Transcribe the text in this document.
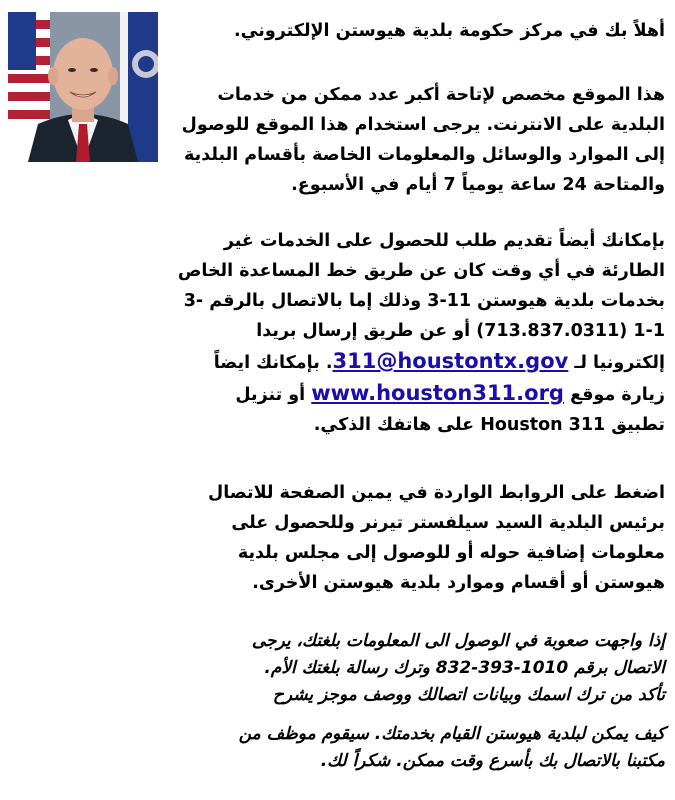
أهلاً بك في مركز حكومة بلدية هيوستن الإلكتروني.

هذا الموقع مخصص لإتاحة أكبر عدد ممكن من خدمات

البلدية على الانترنت. يرجى استخدام هذا الموقع للوصول

إلى الموارد والوسائل والمعلومات الخاصة بأقسام البلدية

والمتاحة 24 ساعة يومياً 7 أيام في الأسبوع.

بإمكانك أيضاً تقديم طلب للحصول على الخدمات غير

الطارئة في أي وقت كان عن طريق خط المساعدة الخاص

بخدمات بلدية هيوستن 11-3 وذلك إما بالاتصال بالرقم -3

1-1 (713.837.0311) أو عن طريق إرسال بريدا

إلكترونيا لـ 311@houstontx.gov. بإمكانك ايضاً

زيارة موقع www.houston311.org أو تنزيل

تطبيق Houston 311 على هاتفك الذكي.

اضغط على الروابط الواردة في يمين الصفحة للاتصال

برئيس البلدية السيد سيلفستر تيرنر وللحصول على

معلومات إضافية حوله أو للوصول إلى مجلس بلدية

هيوستن أو أقسام وموارد بلدية هيوستن الأخرى.

إذا واجهت صعوبة في الوصول الى المعلومات بلغتك، يرجى

الاتصال برقم 1010-393-832 وترك رسالة بلغتك الأم.

تأكد من ترك اسمك وبيانات اتصالك ووصف موجز يشرح

كيف يمكن لبلدية هيوستن القيام بخدمتك. سيقوم موظف من

مكتبنا بالاتصال بك بأسرع وقت ممكن. شكراً لك.
